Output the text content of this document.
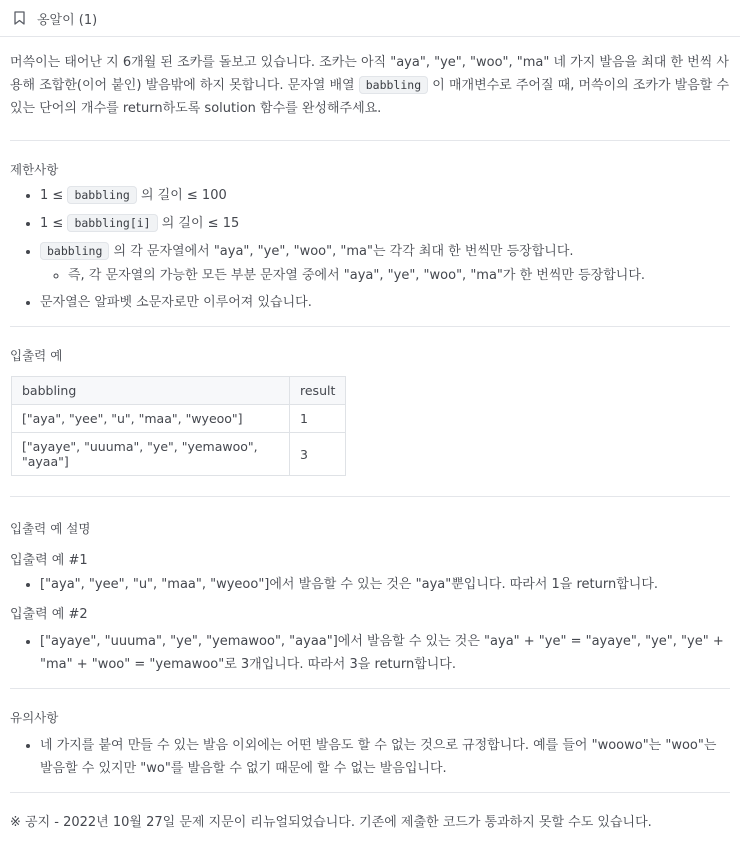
옹알이 (1)

머쓱이는 태어난 지 6개월 된 조카를 돌보고 있습니다. 조카는 아직 "aya", "ye", "woo", "ma" 네 가지 발음을 최대 한 번씩 사용해 조합한(이어 붙인) 발음밖에 하지 못합니다. 문자열 배열 babbling 이 매개변수로 주어질 때, 머쓱이의 조카가 발음할 수 있는 단어의 개수를 return하도록 solution 함수를 완성해주세요.

제한사항
• 1 ≤ babbling 의 길이 ≤ 100
• 1 ≤ babbling[i] 의 길이 ≤ 15
• babbling 의 각 문자열에서 "aya", "ye", "woo", "ma"는 각각 최대 한 번씩만 등장합니다.
◦ 즉, 각 문자열의 가능한 모든 부분 문자열 중에서 "aya", "ye", "woo", "ma"가 한 번씩만 등장합니다.
• 문자열은 알파벳 소문자로만 이루어져 있습니다.
입출력 예
babbling	result
["aya", "yee", "u", "maa", "wyeoo"]	1
["ayaye", "uuuma", "ye", "yemawoo", "ayaa"]	3
입출력 예 설명
입출력 예 #1
• ["aya", "yee", "u", "maa", "wyeoo"]에서 발음할 수 있는 것은 "aya"뿐입니다. 따라서 1을 return합니다.
입출력 예 #2
• ["ayaye", "uuuma", "ye", "yemawoo", "ayaa"]에서 발음할 수 있는 것은 "aya" + "ye" = "ayaye", "ye", "ye" + "ma" + "woo" = "yemawoo"로 3개입니다. 따라서 3을 return합니다.
유의사항
• 네 가지를 붙여 만들 수 있는 발음 이외에는 어떤 발음도 할 수 없는 것으로 규정합니다. 예를 들어 "woowo"는 "woo"는 발음할 수 있지만 "wo"를 발음할 수 없기 때문에 할 수 없는 발음입니다.
※ 공지 - 2022년 10월 27일 문제 지문이 리뉴얼되었습니다. 기존에 제출한 코드가 통과하지 못할 수도 있습니다.
